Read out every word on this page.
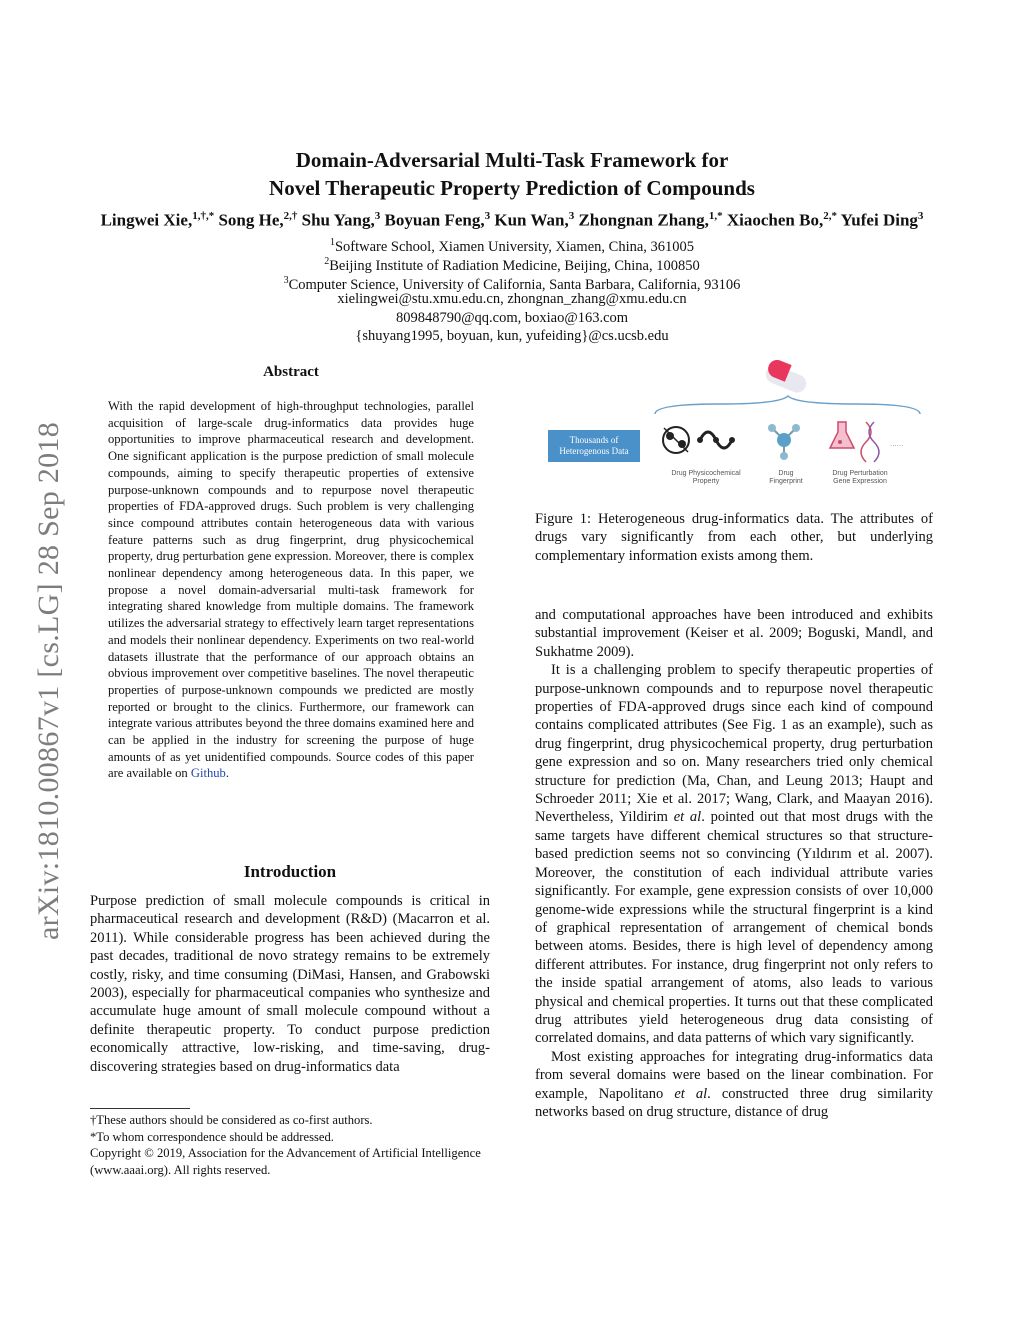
Domain-Adversarial Multi-Task Framework for
Novel Therapeutic Property Prediction of Compounds
Lingwei Xie,$^{1,\dagger,*}$ Song He,$^{2,\dagger}$ Shu Yang,$^3$ Boyuan Feng,$^3$ Kun Wan,$^3$ Zhongnan Zhang,$^{1,*}$ Xiaochen Bo,$^{2,*}$ Yufei Ding$^3$
$^1$Software School, Xiamen University, Xiamen, China, 361005
$^2$Beijing Institute of Radiation Medicine, Beijing, China, 100850
$^3$Computer Science, University of California, Santa Barbara, California, 93106
xielingwei@stu.xmu.edu.cn, zhongnan_zhang@xmu.edu.cn
809848790@qq.com, boxiao@163.com
{shuyang1995, boyuan, kun, yufeiding}@cs.ucsb.edu
arXiv:1810.00867v1 [cs.LG] 28 Sep 2018
Abstract
With the rapid development of high-throughput technologies, parallel acquisition of large-scale drug-informatics data provides huge opportunities to improve pharmaceutical research and development. One significant application is the purpose prediction of small molecule compounds, aiming to specify therapeutic properties of extensive purpose-unknown compounds and to repurpose novel therapeutic properties of FDA-approved drugs. Such problem is very challenging since compound attributes contain heterogeneous data with various feature patterns such as drug fingerprint, drug physicochemical property, drug perturbation gene expression. Moreover, there is complex nonlinear dependency among heterogeneous data. In this paper, we propose a novel domain-adversarial multi-task framework for integrating shared knowledge from multiple domains. The framework utilizes the adversarial strategy to effectively learn target representations and models their nonlinear dependency. Experiments on two real-world datasets illustrate that the performance of our approach obtains an obvious improvement over competitive baselines. The novel therapeutic properties of purpose-unknown compounds we predicted are mostly reported or brought to the clinics. Furthermore, our framework can integrate various attributes beyond the three domains examined here and can be applied in the industry for screening the purpose of huge amounts of as yet unidentified compounds. Source codes of this paper are available on Github.
Introduction
Purpose prediction of small molecule compounds is critical in pharmaceutical research and development (R&D) (Macarron et al. 2011). While considerable progress has been achieved during the past decades, traditional de novo strategy remains to be extremely costly, risky, and time consuming (DiMasi, Hansen, and Grabowski 2003), especially for pharmaceutical companies who synthesize and accumulate huge amount of small molecule compound without a definite therapeutic property. To conduct purpose prediction economically attractive, low-risking, and time-saving, drug-discovering strategies based on drug-informatics data
†These authors should be considered as co-first authors.
*To whom correspondence should be addressed.
Copyright © 2019, Association for the Advancement of Artificial Intelligence (www.aaai.org). All rights reserved.
......
Thousands of Heterogenous Data
Drug Physicochemical Property
Drug Fingerprint
Drug Perturbation Gene Expression
Figure 1: Heterogeneous drug-informatics data. The attributes of drugs vary significantly from each other, but underlying complementary information exists among them.

and computational approaches have been introduced and exhibits substantial improvement (Keiser et al. 2009; Boguski, Mandl, and Sukhatme 2009).

It is a challenging problem to specify therapeutic properties of purpose-unknown compounds and to repurpose novel therapeutic properties of FDA-approved drugs since each kind of compound contains complicated attributes (See Fig. 1 as an example), such as drug fingerprint, drug physicochemical property, drug perturbation gene expression and so on. Many researchers tried only chemical structure for prediction (Ma, Chan, and Leung 2013; Haupt and Schroeder 2011; Xie et al. 2017; Wang, Clark, and Maayan 2016). Nevertheless, Yildirim et al. pointed out that most drugs with the same targets have different chemical structures so that structure-based prediction seems not so convincing (Yıldırım et al. 2007). Moreover, the constitution of each individual attribute varies significantly. For example, gene expression consists of over 10,000 genome-wide expressions while the structural fingerprint is a kind of graphical representation of arrangement of chemical bonds between atoms. Besides, there is high level of dependency among different attributes. For instance, drug fingerprint not only refers to the inside spatial arrangement of atoms, also leads to various physical and chemical properties. It turns out that these complicated drug attributes yield heterogeneous drug data consisting of correlated domains, and data patterns of which vary significantly.

Most existing approaches for integrating drug-informatics data from several domains were based on the linear combination. For example, Napolitano et al. constructed three drug similarity networks based on drug structure, distance of drug
